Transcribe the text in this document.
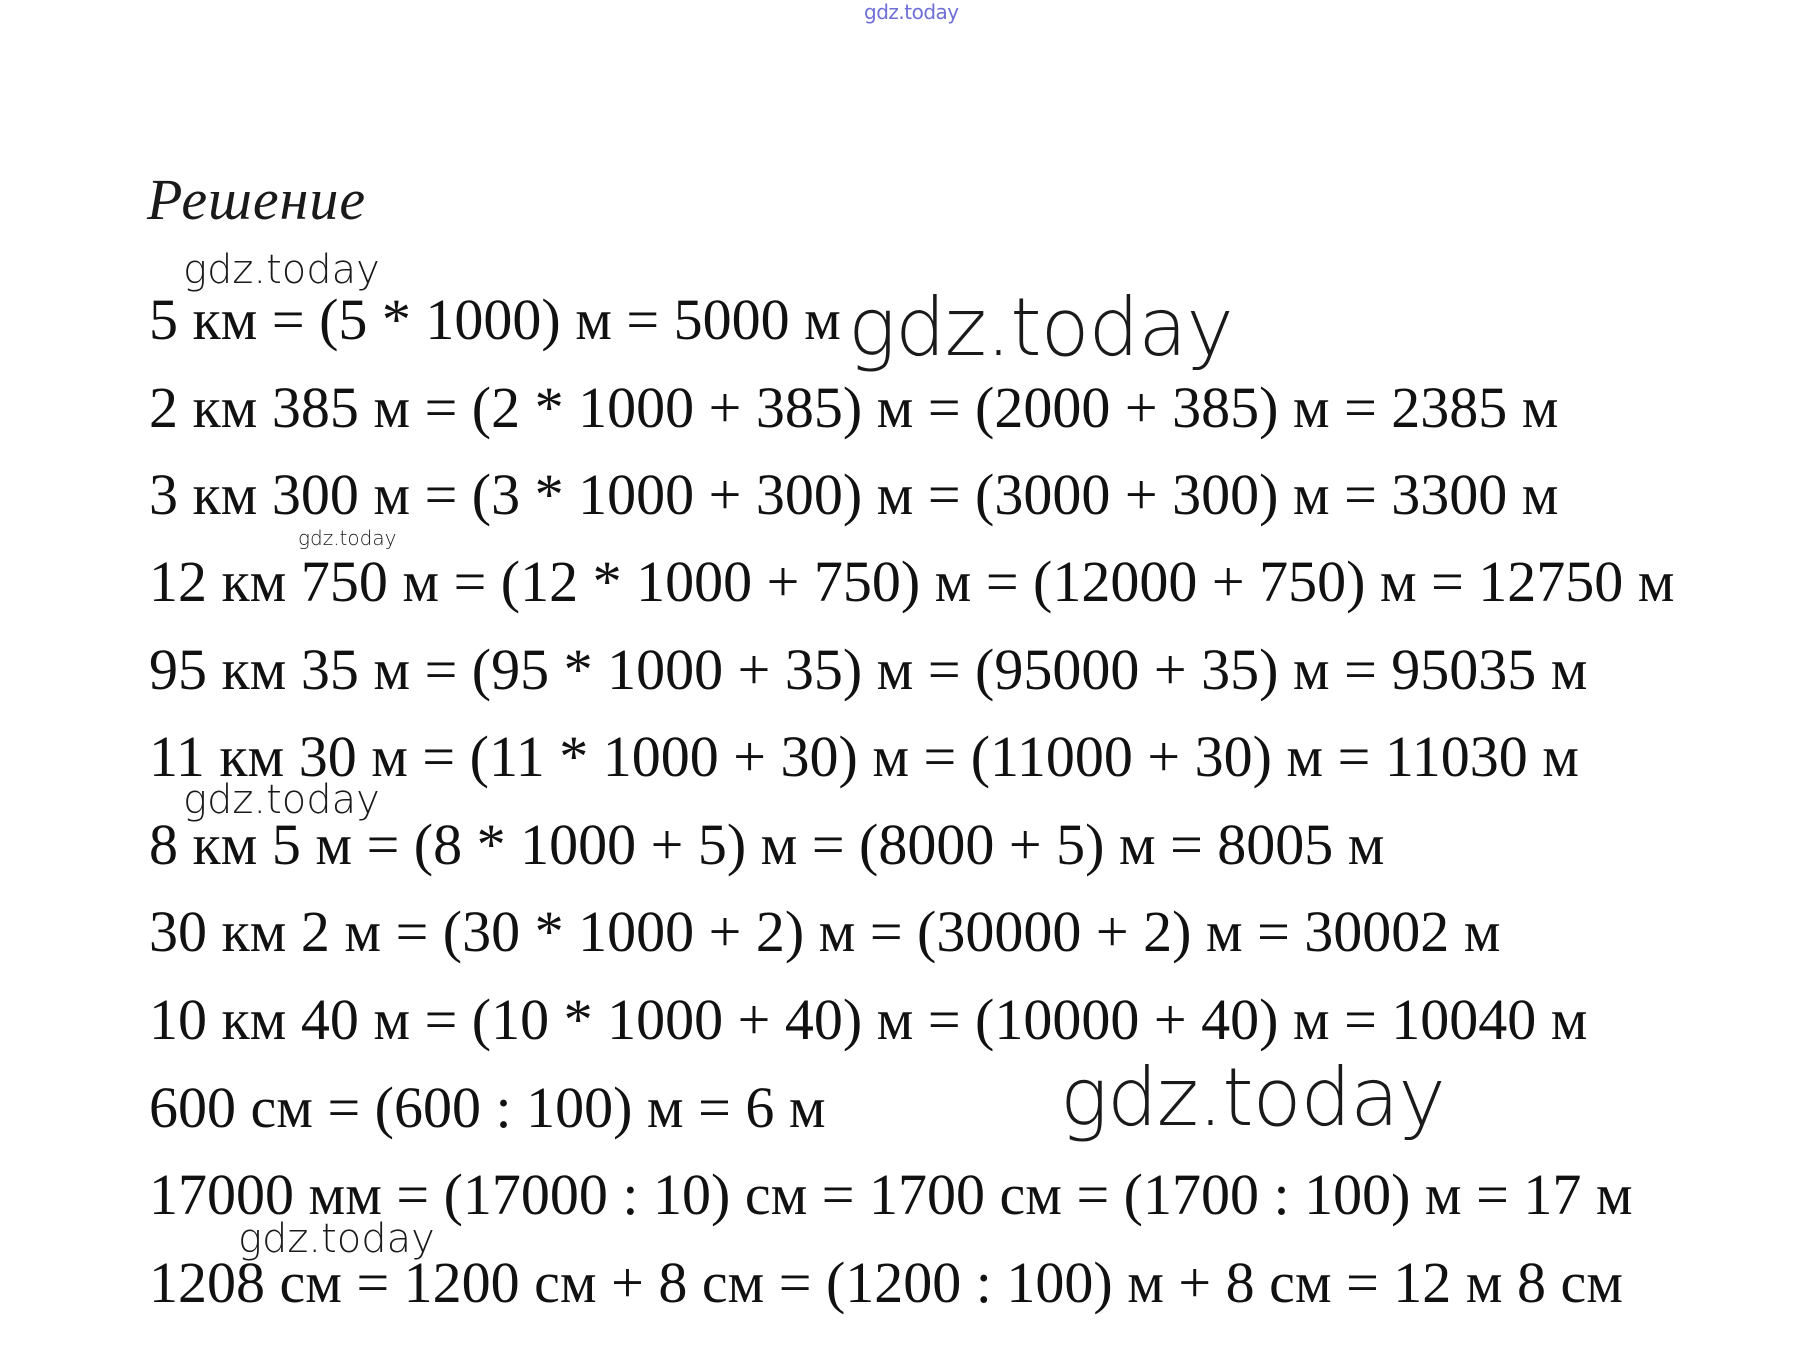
gdz.today
Решение
5 км = (5 * 1000) м = 5000 м
2 км 385 м = (2 * 1000 + 385) м = (2000 + 385) м = 2385 м
3 км 300 м = (3 * 1000 + 300) м = (3000 + 300) м = 3300 м
12 км 750 м = (12 * 1000 + 750) м = (12000 + 750) м = 12750 м
95 км 35 м = (95 * 1000 + 35) м = (95000 + 35) м = 95035 м
11 км 30 м = (11 * 1000 + 30) м = (11000 + 30) м = 11030 м
8 км 5 м = (8 * 1000 + 5) м = (8000 + 5) м = 8005 м
30 км 2 м = (30 * 1000 + 2) м = (30000 + 2) м = 30002 м
10 км 40 м = (10 * 1000 + 40) м = (10000 + 40) м = 10040 м
600 см = (600 : 100) м = 6 м
17000 мм = (17000 : 10) см = 1700 см = (1700 : 100) м = 17 м
1208 см = 1200 см + 8 см = (1200 : 100) м + 8 см = 12 м 8 см
gdz.today
gdz.today
gdz.today
gdz.today
gdz.today
gdz.today
